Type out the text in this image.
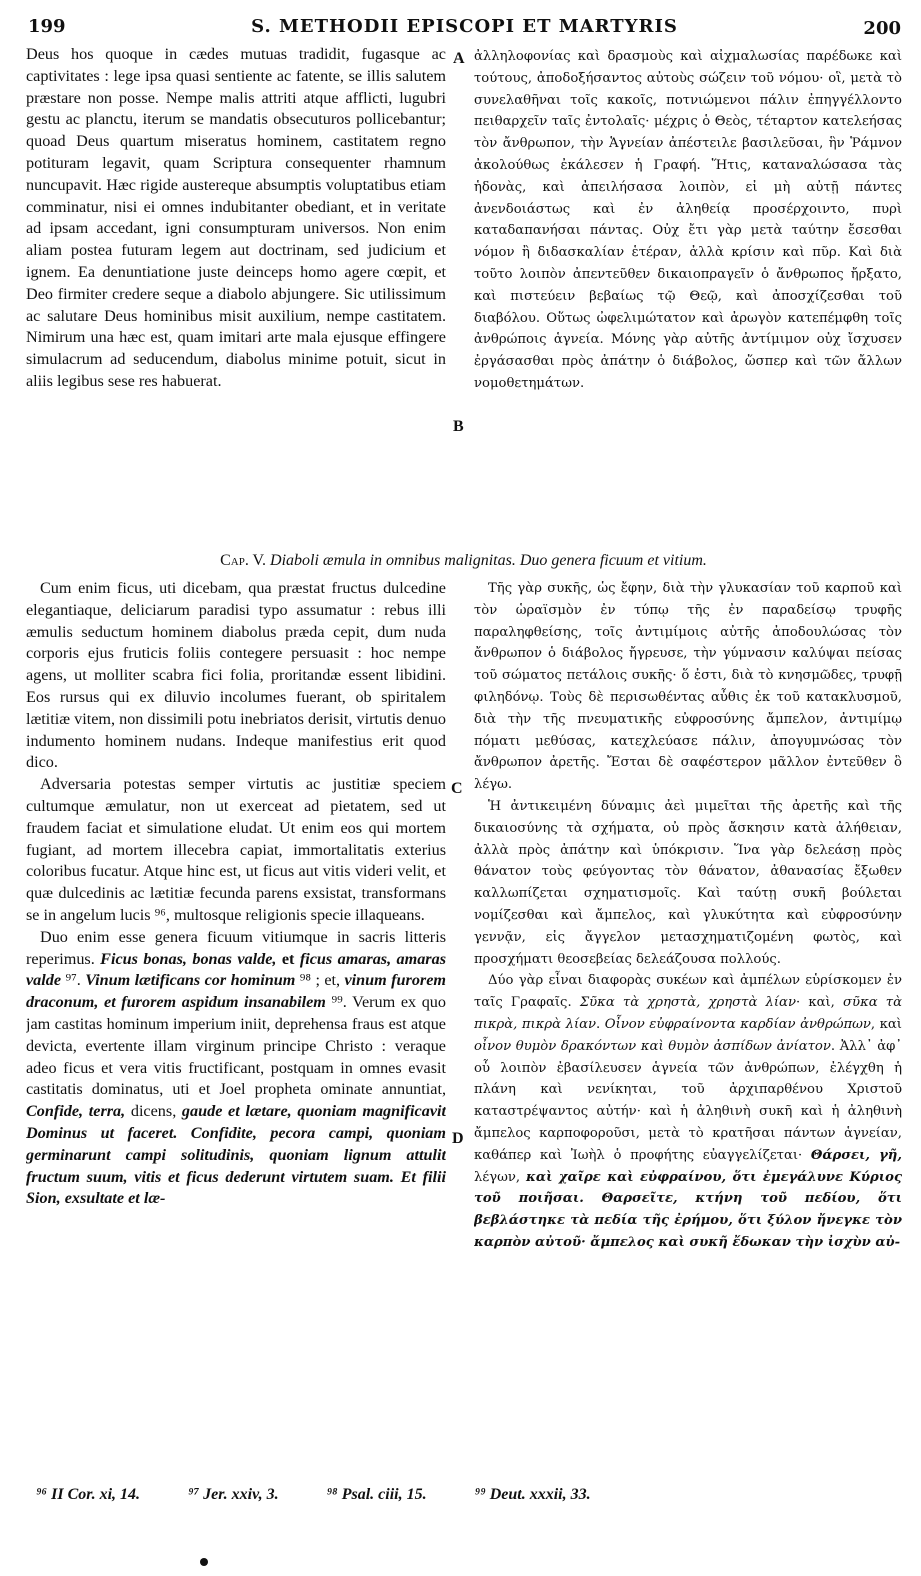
199	S. METHODII EPISCOPI ET MARTYRIS	200

Deus hos quoque in cædes mutuas tradidit, fugasque ac captivitates : lege ipsa quasi sentiente ac fatente, se illis salutem præstare non posse. Nempe malis attriti atque afflicti, lugubri gestu ac planctu, iterum se mandatis obsecuturos pollicebantur; quoad Deus quartum miseratus hominem, castitatem regno potituram legavit, quam Scriptura consequenter rhamnum nuncupavit. Hæc rigide austereque absumptis voluptatibus etiam comminatur, nisi ei omnes indubitanter obediant, et in veritate ad ipsam accedant, igni consumpturam universos. Non enim aliam postea futuram legem aut doctrinam, sed judicium et ignem. Ea denuntiatione juste deinceps homo agere cœpit, et Deo firmiter credere seque a diabolo abjungere. Sic utilissimum ac salutare Deus hominibus misit auxilium, nempe castitatem. Nimirum una hæc est, quam imitari arte mala ejusque effingere simulacrum ad seducendum, diabolus minime potuit, sicut in aliis legibus sese res habuerat.

ἀλληλοφονίας καὶ δρασμοὺς καὶ αἰχμαλωσίας παρέδωκε καὶ τούτους, ἀποδοξήσαντος αὐτοὺς σώζειν τοῦ νόμου· οἳ, μετὰ τὸ συνελαθῆναι τοῖς κακοῖς, ποτνιώμενοι πάλιν ἐπηγγέλλοντο πειθαρχεῖν ταῖς ἐντολαῖς· μέχρις ὁ Θεὸς, τέταρτον κατελεήσας τὸν ἄνθρωπον, τὴν Ἁγνείαν ἀπέστειλε βασιλεῦσαι, ἣν Ῥάμνον ἀκολούθως ἐκάλεσεν ἡ Γραφή. Ἥτις, καταναλώσασα τὰς ἡδονὰς, καὶ ἀπειλήσασα λοιπὸν, εἰ μὴ αὐτῇ πάντες ἀνενδοιάστως καὶ ἐν ἀληθείᾳ προσέρχοιντο, πυρὶ καταδαπανήσαι πάντας. Οὐχ ἔτι γὰρ μετὰ ταύτην ἔσεσθαι νόμον ἢ διδασκαλίαν ἑτέραν, ἀλλὰ κρίσιν καὶ πῦρ. Καὶ διὰ τοῦτο λοιπὸν ἀπεντεῦθεν δικαιοπραγεῖν ὁ ἄνθρωπος ἤρξατο, καὶ πιστεύειν βεβαίως τῷ Θεῷ, καὶ ἀποσχίζεσθαι τοῦ διαβόλου. Οὕτως ὠφελιμώτατον καὶ ἀρωγὸν κατεπέμφθη τοῖς ἀνθρώποις ἁγνεία. Μόνης γὰρ αὐτῆς ἀντίμιμον οὐχ ἴσχυσεν ἐργάσασθαι πρὸς ἀπάτην ὁ διάβολος, ὥσπερ καὶ τῶν ἄλλων νομοθετημάτων.

A
B
Cap. V. Diaboli æmula in omnibus malignitas. Duo genera ficuum et vitium.

Cum enim ficus, uti dicebam, qua præstat fructus dulcedine elegantiaque, deliciarum paradisi typo assumatur : rebus illi æmulis seductum hominem diabolus præda cepit, dum nuda corporis ejus fruticis foliis contegere persuasit : hoc nempe agens, ut molliter scabra fici folia, proritandæ essent libidini. Eos rursus qui ex diluvio incolumes fuerant, ob spiritalem lætitiæ vitem, non dissimili potu inebriatos derisit, virtutis denuo indumento hominem nudans. Indeque manifestius erit quod dico.

Adversaria potestas semper virtutis ac justitiæ speciem cultumque æmulatur, non ut exerceat ad pietatem, sed ut fraudem faciat et simulatione eludat. Ut enim eos qui mortem fugiant, ad mortem illecebra capiat, immortalitatis exterius coloribus fucatur. Atque hinc est, ut ficus aut vitis videri velit, et quæ dulcedinis ac lætitiæ fecunda parens exsistat, transformans se in angelum lucis ⁹⁶, multosque religionis specie illaqueans.

Duo enim esse genera ficuum vitiumque in sacris litteris reperimus. Ficus bonas, bonas valde, et ficus amaras, amaras valde ⁹⁷. Vinum lætificans cor hominum ⁹⁸ ; et, vinum furorem draconum, et furorem aspidum insanabilem ⁹⁹. Verum ex quo jam castitas hominum imperium iniit, deprehensa fraus est atque devicta, evertente illam virginum principe Christo : veraque adeo ficus et vera vitis fructificant, postquam in omnes evasit castitatis dominatus, uti et Joel propheta ominate annuntiat, Confide, terra, dicens, gaude et lætare, quoniam magnificavit Dominus ut faceret. Confidite, pecora campi, quoniam germinarunt campi solitudinis, quoniam lignum attulit fructum suum, vitis et ficus dederunt virtutem suam. Et filii Sion, exsultate et læ-

Τῆς γὰρ συκῆς, ὡς ἔφην, διὰ τὴν γλυκασίαν τοῦ καρποῦ καὶ τὸν ὡραϊσμὸν ἐν τύπῳ τῆς ἐν παραδείσῳ τρυφῆς παραληφθείσης, τοῖς ἀντιμίμοις αὐτῆς ἀποδουλώσας τὸν ἄνθρωπον ὁ διάβολος ἤγρευσε, τὴν γύμνασιν καλύψαι πείσας τοῦ σώματος πετάλοις συκῆς· ὅ ἐστι, διὰ τὸ κνησμῶδες, τρυφῇ φιληδόνῳ. Τοὺς δὲ περισωθέντας αὖθις ἐκ τοῦ κατακλυσμοῦ, διὰ τὴν τῆς πνευματικῆς εὐφροσύνης ἄμπελον, ἀντιμίμῳ πόματι μεθύσας, κατεχλεύασε πάλιν, ἀπογυμνώσας τὸν ἄνθρωπον ἀρετῆς. Ἔσται δὲ σαφέστερον μᾶλλον ἐντεῦθεν ὃ λέγω.

Ἡ ἀντικειμένη δύναμις ἀεὶ μιμεῖται τῆς ἀρετῆς καὶ τῆς δικαιοσύνης τὰ σχήματα, οὐ πρὸς ἄσκησιν κατὰ ἀλήθειαν, ἀλλὰ πρὸς ἀπάτην καὶ ὑπόκρισιν. Ἵνα γὰρ δελεάσῃ πρὸς θάνατον τοὺς φεύγοντας τὸν θάνατον, ἀθανασίας ἔξωθεν καλλωπίζεται σχηματισμοῖς. Καὶ ταύτῃ συκῆ βούλεται νομίζεσθαι καὶ ἄμπελος, καὶ γλυκύτητα καὶ εὐφροσύνην γεννᾷν, εἰς ἄγγελον μετασχηματιζομένη φωτὸς, καὶ προσχήματι θεοσεβείας δελεάζουσα πολλούς.

Δύο γὰρ εἶναι διαφορὰς συκέων καὶ ἀμπέλων εὑρίσκομεν ἐν ταῖς Γραφαῖς. Σῦκα τὰ χρηστὰ, χρηστὰ λίαν· καὶ, σῦκα τὰ πικρὰ, πικρὰ λίαν. Οἶνον εὐφραίνοντα καρδίαν ἀνθρώπων, καὶ οἶνον θυμὸν δρακόντων καὶ θυμὸν ἀσπίδων ἀνίατον. Ἀλλ᾽ ἀφ᾽ οὗ λοιπὸν ἐβασίλευσεν ἁγνεία τῶν ἀνθρώπων, ἐλέγχθη ἡ πλάνη καὶ νενίκηται, τοῦ ἀρχιπαρθένου Χριστοῦ καταστρέψαντος αὐτήν· καὶ ἡ ἀληθινὴ συκῆ καὶ ἡ ἀληθινὴ ἄμπελος καρποφοροῦσι, μετὰ τὸ κρατῆσαι πάντων ἁγνείαν, καθάπερ καὶ Ἰωὴλ ὁ προφήτης εὐαγγελίζεται· Θάρσει, γῆ, λέγων, καὶ χαῖρε καὶ εὐφραίνου, ὅτι ἐμεγάλυνε Κύριος τοῦ ποιῆσαι. Θαρσεῖτε, κτήνη τοῦ πεδίου, ὅτι βεβλάστηκε τὰ πεδία τῆς ἐρήμου, ὅτι ξύλον ἤνεγκε τὸν καρπὸν αὐτοῦ· ἄμπελος καὶ συκῆ ἔδωκαν τὴν ἰσχὺν αὐ-

C
D
⁹⁶ II Cor. xi, 14.	⁹⁷ Jer. xxiv, 3.	⁹⁸ Psal. ciii, 15.	⁹⁹ Deut. xxxii, 33.
